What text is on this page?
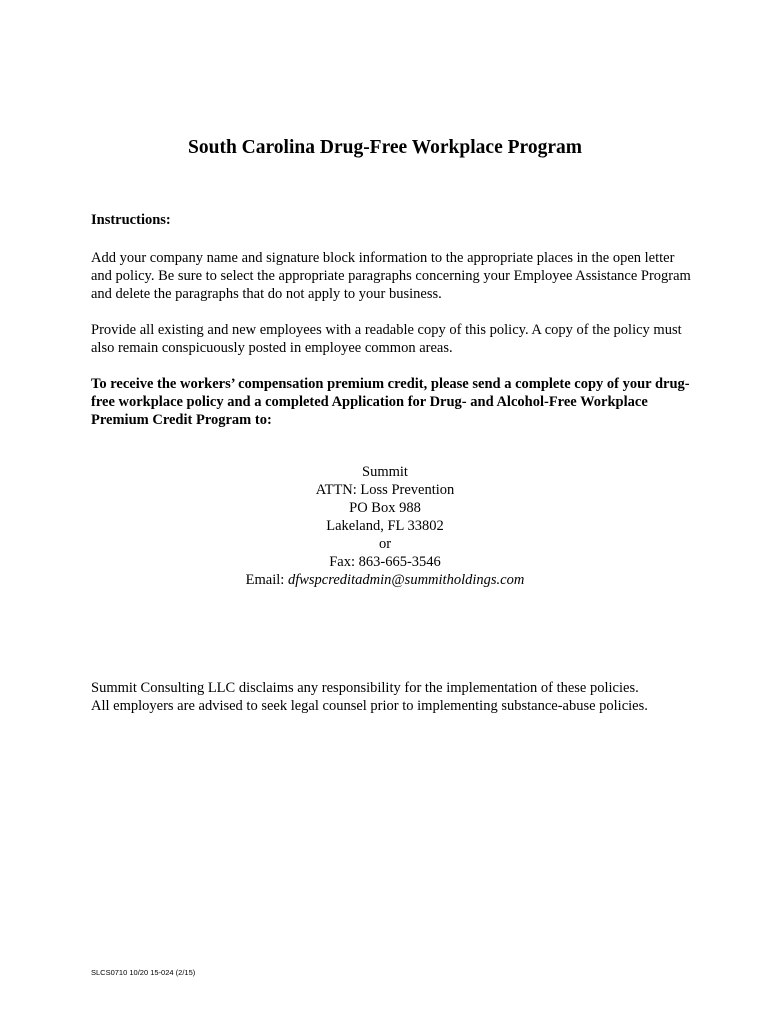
South Carolina Drug-Free Workplace Program
Instructions:

Add your company name and signature block information to the appropriate places in the open letter and policy. Be sure to select the appropriate paragraphs concerning your Employee Assistance Program and delete the paragraphs that do not apply to your business.

Provide all existing and new employees with a readable copy of this policy. A copy of the policy must also remain conspicuously posted in employee common areas.

To receive the workers’ compensation premium credit, please send a complete copy of your drug-free workplace policy and a completed Application for Drug- and Alcohol-Free Workplace Premium Credit Program to:

Summit
ATTN: Loss Prevention
PO Box 988
Lakeland, FL 33802
or
Fax: 863-665-3546
Email: dfwspcreditadmin@summitholdings.com
Summit Consulting LLC disclaims any responsibility for the implementation of these policies.
All employers are advised to seek legal counsel prior to implementing substance-abuse policies.
SLCS0710 10/20 15-024 (2/15)
